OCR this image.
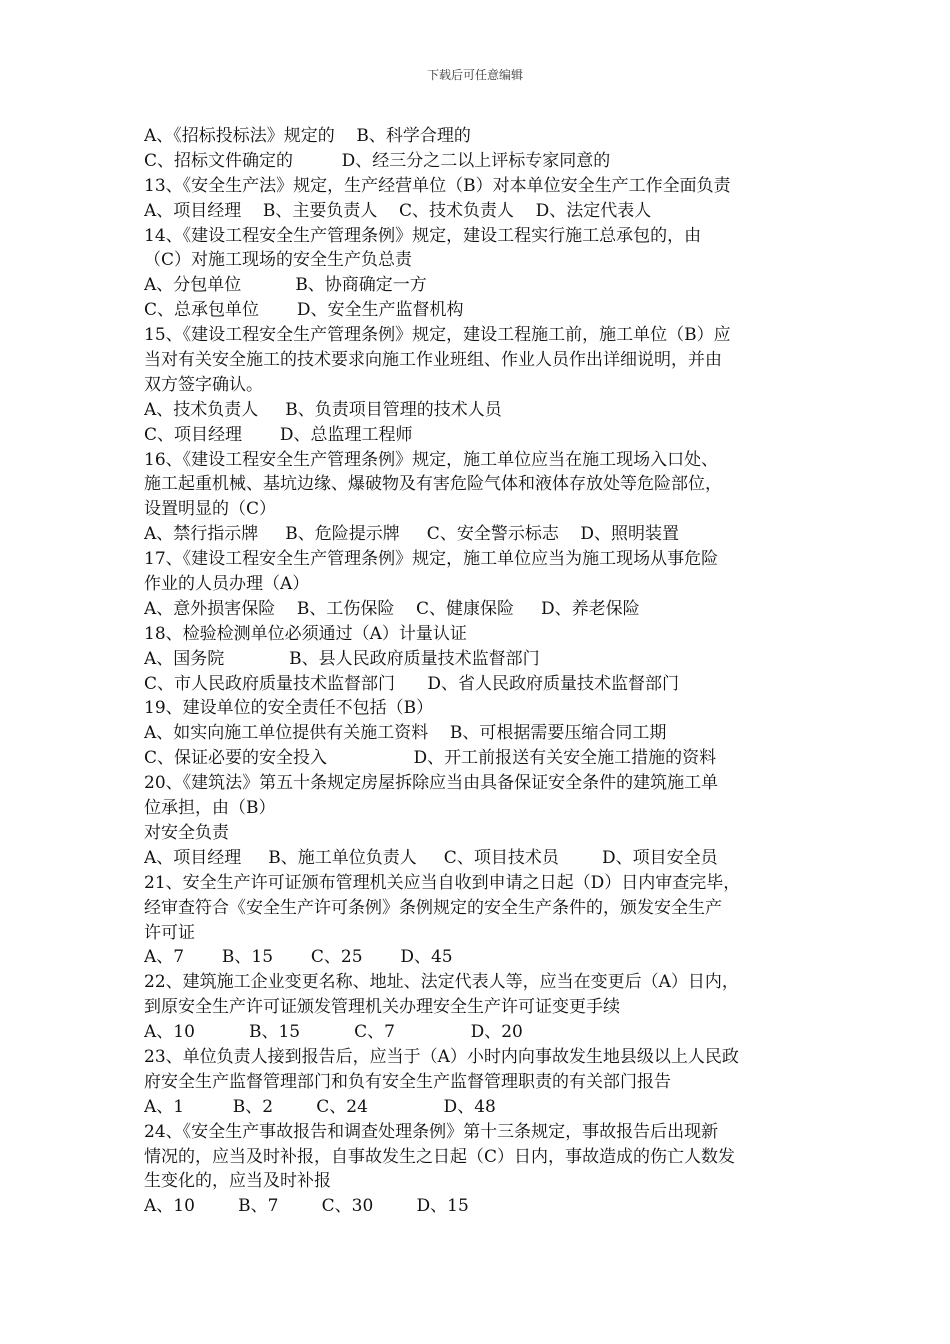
下载后可任意编辑
A、《招标投标法》规定的    B、科学合理的
C、招标文件确定的         D、经三分之二以上评标专家同意的
13、《安全生产法》规定，生产经营单位（B）对本单位安全生产工作全面负责
A、项目经理    B、主要负责人    C、技术负责人    D、法定代表人
14、《建设工程安全生产管理条例》规定，建设工程实行施工总承包的，由
（C）对施工现场的安全生产负总责
A、分包单位          B、协商确定一方
C、总承包单位       D、安全生产监督机构
15、《建设工程安全生产管理条例》规定，建设工程施工前，施工单位（B）应
当对有关安全施工的技术要求向施工作业班组、作业人员作出详细说明，并由
双方签字确认。
A、技术负责人     B、负责项目管理的技术人员
C、项目经理       D、总监理工程师
16、《建设工程安全生产管理条例》规定，施工单位应当在施工现场入口处、
施工起重机械、基坑边缘、爆破物及有害危险气体和液体存放处等危险部位，
设置明显的（C）
A、禁行指示牌     B、危险提示牌     C、安全警示标志    D、照明装置
17、《建设工程安全生产管理条例》规定，施工单位应当为施工现场从事危险
作业的人员办理（A）
A、意外损害保险    B、工伤保险    C、健康保险     D、养老保险
18、检验检测单位必须通过（A）计量认证
A、国务院            B、县人民政府质量技术监督部门
C、市人民政府质量技术监督部门      D、省人民政府质量技术监督部门
19、建设单位的安全责任不包括（B）
A、如实向施工单位提供有关施工资料    B、可根据需要压缩合同工期
C、保证必要的安全投入                D、开工前报送有关安全施工措施的资料
20、《建筑法》第五十条规定房屋拆除应当由具备保证安全条件的建筑施工单
位承担，由（B）
对安全负责
A、项目经理     B、施工单位负责人     C、项目技术员        D、项目安全员
21、安全生产许可证颁布管理机关应当自收到申请之日起（D）日内审查完毕，
经审查符合《安全生产许可条例》条例规定的安全生产条件的，颁发安全生产
许可证
A、7       B、15       C、25       D、45
22、建筑施工企业变更名称、地址、法定代表人等，应当在变更后（A）日内，
到原安全生产许可证颁发管理机关办理安全生产许可证变更手续
A、10          B、15          C、7              D、20
23、单位负责人接到报告后，应当于（A）小时内向事故发生地县级以上人民政
府安全生产监督管理部门和负有安全生产监督管理职责的有关部门报告
A、1         B、2        C、24              D、48
24、《安全生产事故报告和调查处理条例》第十三条规定，事故报告后出现新
情况的，应当及时补报，自事故发生之日起（C）日内，事故造成的伤亡人数发
生变化的，应当及时补报
A、10        B、7        C、30        D、15
